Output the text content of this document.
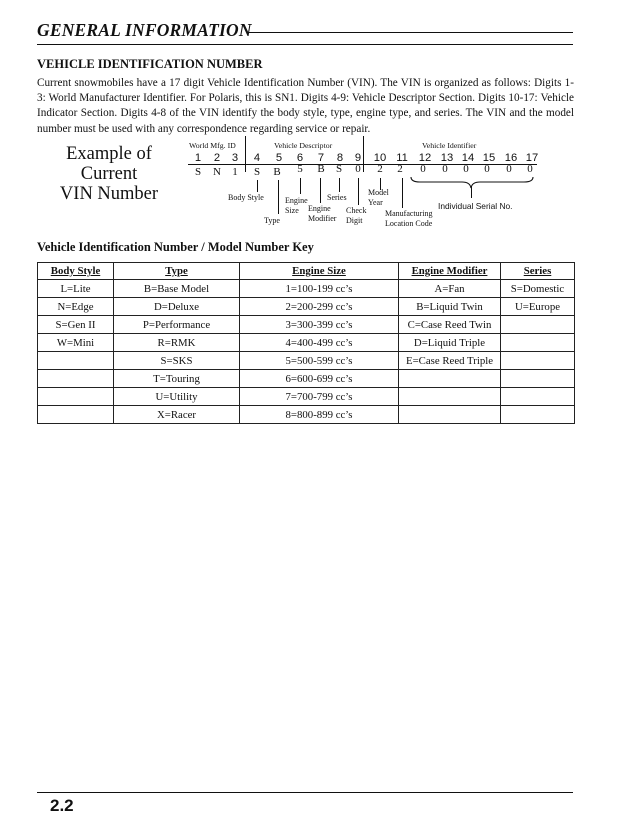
GENERAL INFORMATION
VEHICLE IDENTIFICATION NUMBER

Current snowmobiles have a 17 digit Vehicle Identification Number (VIN). The VIN is organized as follows: Digits 1-3: World Manufacturer Identifier. For Polaris, this is SN1. Digits 4-9: Vehicle Descriptor Section. Digits 10-17: Vehicle Indicator Section. Digits 4-8 of the VIN identify the body style, type, engine type, and series. The VIN and the model number must be used with any correspondence regarding service or repair.

Example of
Current
VIN Number
World Mfg. ID	Vehicle Descriptor	Vehicle Identifier
1	2	3	4	5	6	7	8	9	10 11 12 13 14 15 16 17
S	N	1	S	B	5	B	S	0	2	2	0	0	0	0	0	0
Body Style
Type
Engine
Size	Engine
Modifier
Series
Check
Digit
Model
Year
Manufacturing
Location Code
Individual Serial No.
Vehicle Identification Number / Model Number Key
Body Style	Type	Engine Size	Engine Modifier	Series
L=Lite	B=Base Model	1=100-199 cc’s	A=Fan	S=Domestic
N=Edge	D=Deluxe	2=200-299 cc’s	B=Liquid Twin	U=Europe
S=Gen II	P=Performance	3=300-399 cc’s	C=Case Reed Twin	
W=Mini	R=RMK	4=400-499 cc’s	D=Liquid Triple	
	S=SKS	5=500-599 cc’s	E=Case Reed Triple	
	T=Touring	6=600-699 cc’s		
	U=Utility	7=700-799 cc’s		
	X=Racer	8=800-899 cc’s		
2.2
